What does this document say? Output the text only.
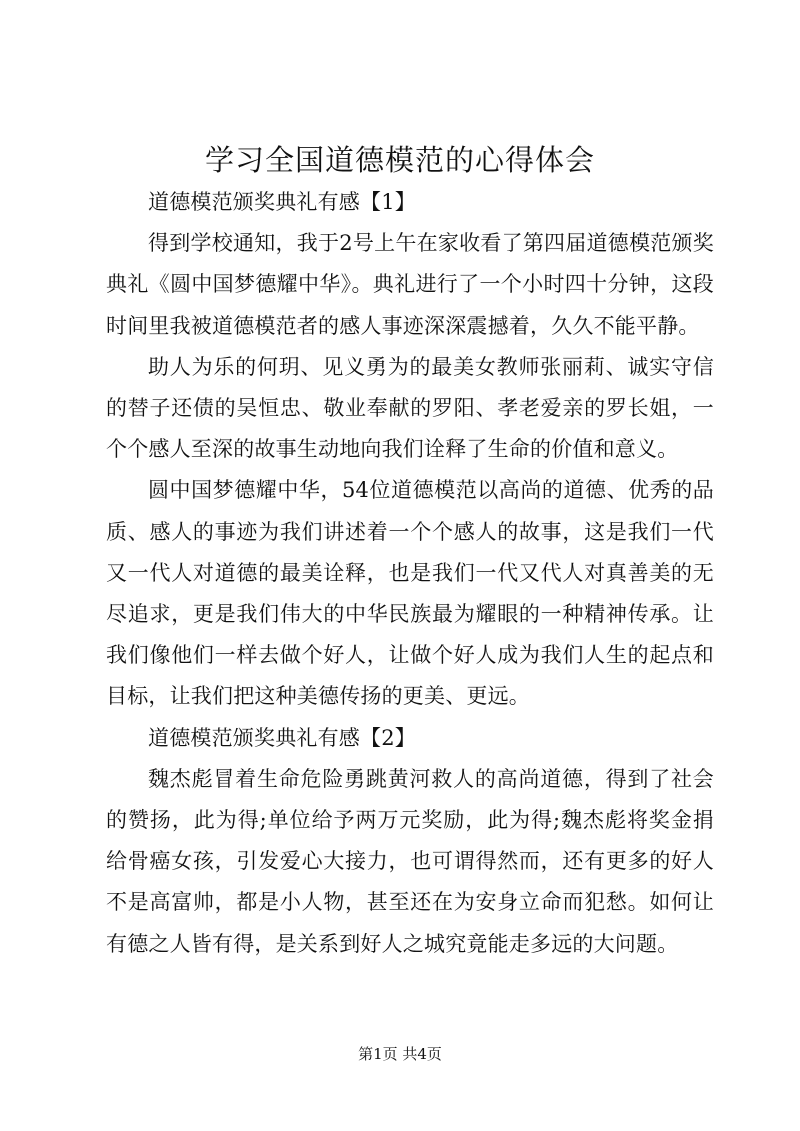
学习全国道德模范的心得体会

道德模范颁奖典礼有感【1】

得到学校通知，我于2号上午在家收看了第四届道德模范颁奖典礼《圆中国梦德耀中华》。典礼进行了一个小时四十分钟，这段时间里我被道德模范者的感人事迹深深震撼着，久久不能平静。

助人为乐的何玥、见义勇为的最美女教师张丽莉、诚实守信的替子还债的吴恒忠、敬业奉献的罗阳、孝老爱亲的罗长姐，一个个感人至深的故事生动地向我们诠释了生命的价值和意义。

圆中国梦德耀中华，54位道德模范以高尚的道德、优秀的品质、感人的事迹为我们讲述着一个个感人的故事，这是我们一代又一代人对道德的最美诠释，也是我们一代又代人对真善美的无尽追求，更是我们伟大的中华民族最为耀眼的一种精神传承。让我们像他们一样去做个好人，让做个好人成为我们人生的起点和目标，让我们把这种美德传扬的更美、更远。

道德模范颁奖典礼有感【2】

魏杰彪冒着生命危险勇跳黄河救人的高尚道德，得到了社会的赞扬，此为得;单位给予两万元奖励，此为得;魏杰彪将奖金捐给骨癌女孩，引发爱心大接力，也可谓得然而，还有更多的好人不是高富帅，都是小人物，甚至还在为安身立命而犯愁。如何让有德之人皆有得，是关系到好人之城究竟能走多远的大问题。

第1页 共4页
